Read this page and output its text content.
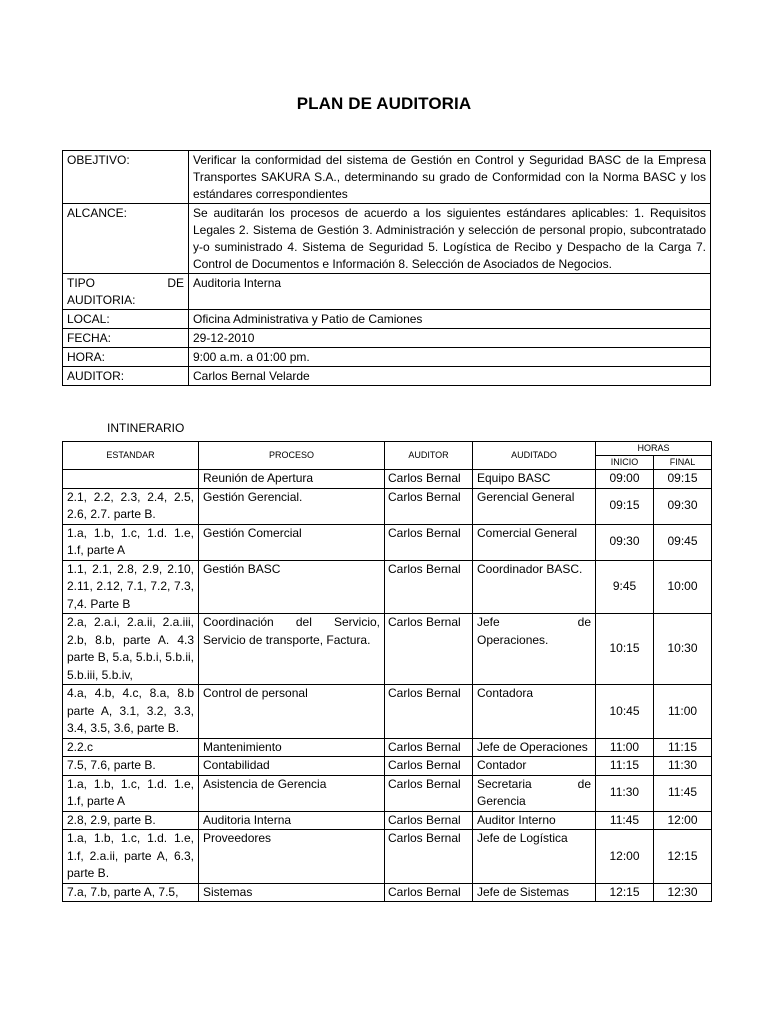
PLAN DE AUDITORIA
OBEJTIVO:	Verificar la conformidad del sistema de Gestión en Control y Seguridad BASC de la Empresa Transportes SAKURA S.A., determinando su grado de Conformidad con la Norma BASC y los estándares correspondientes
ALCANCE:	Se auditarán los procesos de acuerdo a los siguientes estándares aplicables: 1. Requisitos Legales 2. Sistema de Gestión 3. Administración y selección de personal propio, subcontratado y-o suministrado 4. Sistema de Seguridad 5. Logística de Recibo y Despacho de la Carga 7. Control de Documentos e Información 8. Selección de Asociados de Negocios.
TIPO DE AUDITORIA:	Auditoria Interna
LOCAL:	Oficina Administrativa y Patio de Camiones
FECHA:	29-12-2010
HORA:	9:00 a.m. a 01:00 pm.
AUDITOR:	Carlos Bernal Velarde
INTINERARIO
ESTANDAR	PROCESO	AUDITOR	AUDITADO	HORAS	
				INICIO	FINAL
	Reunión de Apertura	Carlos Bernal	Equipo BASC	09:00	09:15
2.1, 2.2, 2.3, 2.4, 2.5, 2.6, 2.7. parte B.	Gestión Gerencial.	Carlos Bernal	Gerencial General	09:15	09:30
1.a, 1.b, 1.c, 1.d. 1.e, 1.f, parte A	Gestión Comercial	Carlos Bernal	Comercial General	09:30	09:45
1.1, 2.1, 2.8, 2.9, 2.10, 2.11, 2.12, 7.1, 7.2, 7.3, 7,4. Parte B	Gestión BASC	Carlos Bernal	Coordinador BASC.	9:45	10:00
2.a, 2.a.i, 2.a.ii, 2.a.iii, 2.b, 8.b, parte A. 4.3 parte B, 5.a, 5.b.i, 5.b.ii, 5.b.iii, 5.b.iv,	Coordinación del Servicio, Servicio de transporte, Factura.	Carlos Bernal	Jefe de Operaciones.	10:15	10:30
4.a, 4.b, 4.c, 8.a, 8.b parte A, 3.1, 3.2, 3.3, 3.4, 3.5, 3.6, parte B.	Control de personal	Carlos Bernal	Contadora	10:45	11:00
2.2.c	Mantenimiento	Carlos Bernal	Jefe de Operaciones	11:00	11:15
7.5, 7.6, parte B.	Contabilidad	Carlos Bernal	Contador	11:15	11:30
1.a, 1.b, 1.c, 1.d. 1.e, 1.f, parte A	Asistencia de Gerencia	Carlos Bernal	Secretaria de Gerencia	11:30	11:45
2.8, 2.9, parte B.	Auditoria Interna	Carlos Bernal	Auditor Interno	11:45	12:00
1.a, 1.b, 1.c, 1.d. 1.e, 1.f, 2.a.ii, parte A, 6.3, parte B.	Proveedores	Carlos Bernal	Jefe de Logística	12:00	12:15
7.a, 7.b, parte A, 7.5,	Sistemas	Carlos Bernal	Jefe de Sistemas	12:15	12:30
